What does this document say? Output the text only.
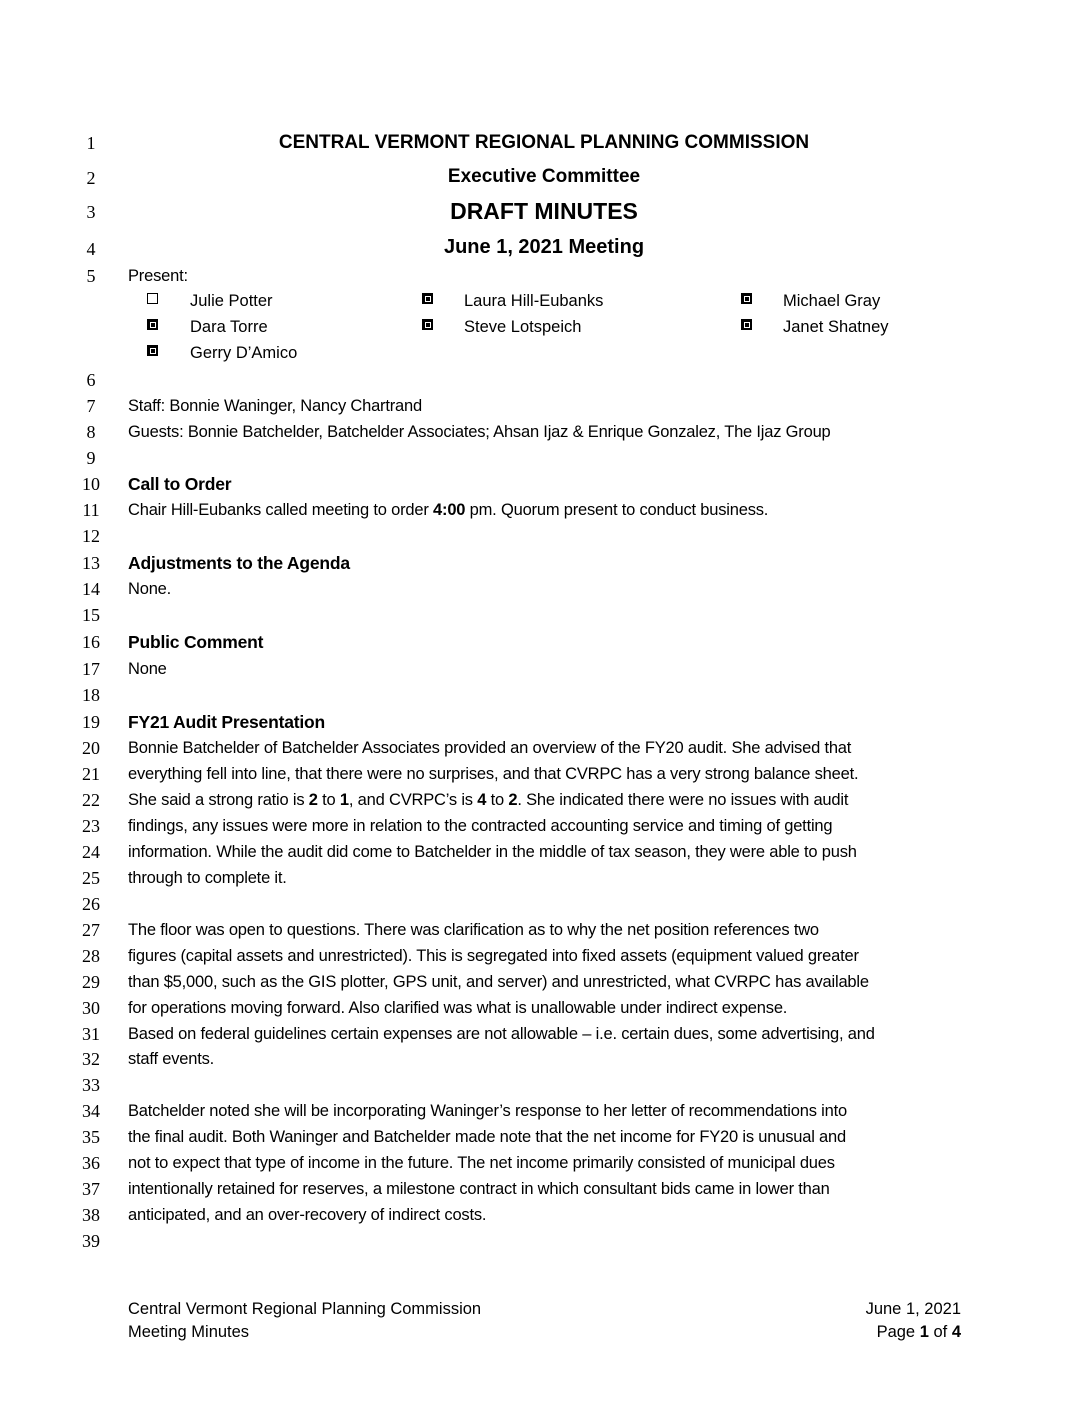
1
2
3
4
5
6
7
8
9
10
11
12
13
14
15
16
17
18
19
20
21
22
23
24
25
26
27
28
29
30
31
32
33
34
35
36
37
38
39
CENTRAL VERMONT REGIONAL PLANNING COMMISSION
Executive Committee
DRAFT MINUTES
June 1, 2021 Meeting
Present:
Julie Potter	Laura Hill-Eubanks	Michael Gray
Dara Torre	Steve Lotspeich	Janet Shatney
Gerry D’Amico
Staff: Bonnie Waninger, Nancy Chartrand
Guests: Bonnie Batchelder, Batchelder Associates; Ahsan Ijaz & Enrique Gonzalez, The Ijaz Group
Call to Order
Chair Hill-Eubanks called meeting to order 4:00 pm. Quorum present to conduct business.
Adjustments to the Agenda
None.
Public Comment
None
FY21 Audit Presentation
Bonnie Batchelder of Batchelder Associates provided an overview of the FY20 audit. She advised that
everything fell into line, that there were no surprises, and that CVRPC has a very strong balance sheet.
She said a strong ratio is 2 to 1, and CVRPC’s is 4 to 2. She indicated there were no issues with audit
findings, any issues were more in relation to the contracted accounting service and timing of getting
information. While the audit did come to Batchelder in the middle of tax season, they were able to push
through to complete it.
The floor was open to questions. There was clarification as to why the net position references two
figures (capital assets and unrestricted). This is segregated into fixed assets (equipment valued greater
than $5,000, such as the GIS plotter, GPS unit, and server) and unrestricted, what CVRPC has available
for operations moving forward. Also clarified was what is unallowable under indirect expense.
Based on federal guidelines certain expenses are not allowable – i.e. certain dues, some advertising, and
staff events.
Batchelder noted she will be incorporating Waninger’s response to her letter of recommendations into
the final audit. Both Waninger and Batchelder made note that the net income for FY20 is unusual and
not to expect that type of income in the future. The net income primarily consisted of municipal dues
intentionally retained for reserves, a milestone contract in which consultant bids came in lower than
anticipated, and an over-recovery of indirect costs.
Central Vermont Regional Planning Commission
Meeting Minutes
June 1, 2021
Page 1 of 4
